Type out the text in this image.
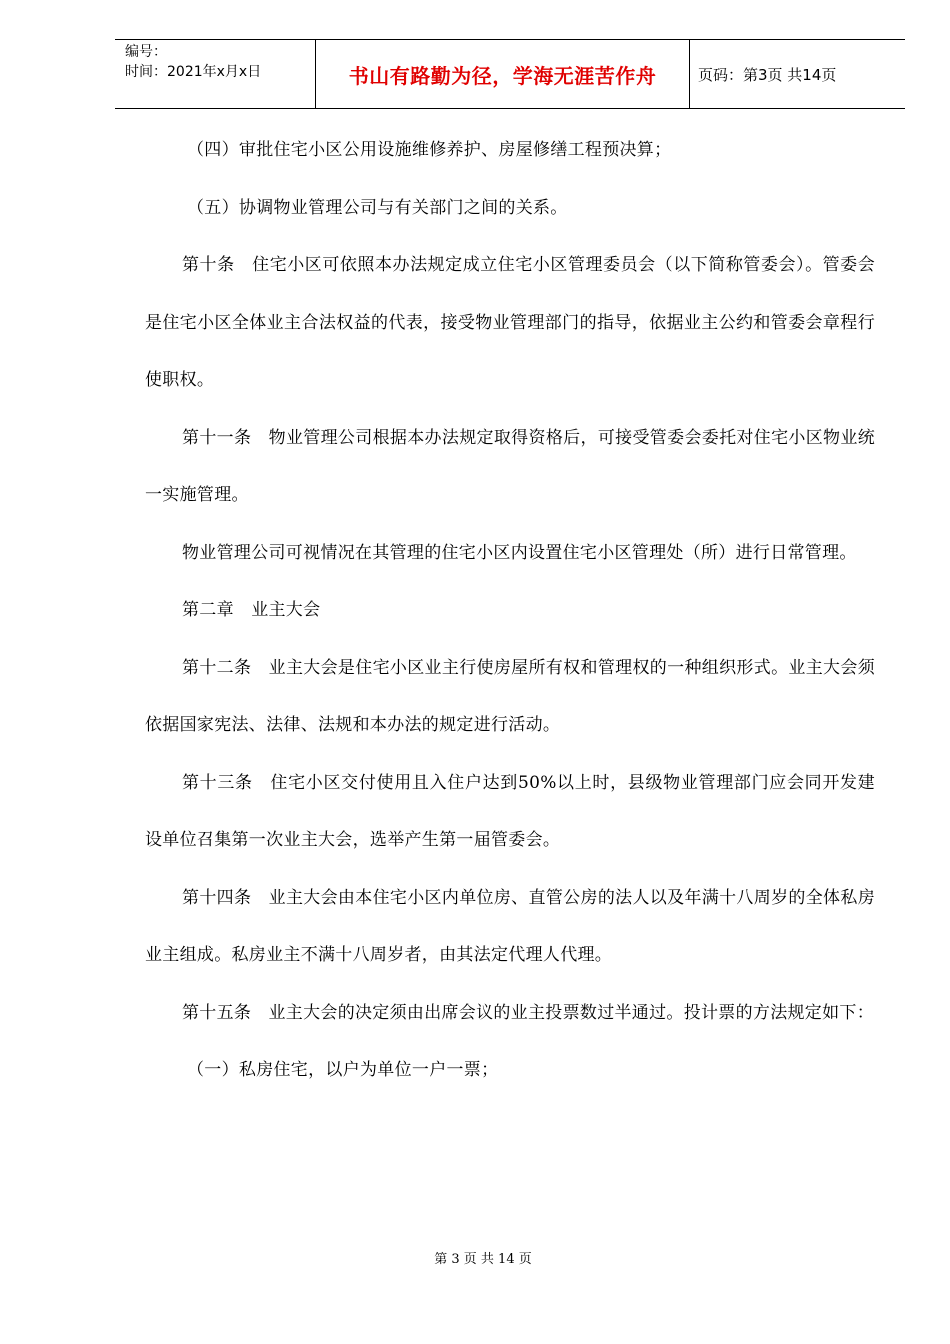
编号：
时间：2021年x月x日	书山有路勤为径，学海无涯苦作舟	页码：第3页 共14页

（四）审批住宅小区公用设施维修养护、房屋修缮工程预决算；

（五）协调物业管理公司与有关部门之间的关系。

第十条　住宅小区可依照本办法规定成立住宅小区管理委员会（以下简称管委会）。管委会是住宅小区全体业主合法权益的代表，接受物业管理部门的指导，依据业主公约和管委会章程行使职权。

第十一条　物业管理公司根据本办法规定取得资格后，可接受管委会委托对住宅小区物业统一实施管理。

物业管理公司可视情况在其管理的住宅小区内设置住宅小区管理处（所）进行日常管理。

第二章　业主大会

第十二条　业主大会是住宅小区业主行使房屋所有权和管理权的一种组织形式。业主大会须依据国家宪法、法律、法规和本办法的规定进行活动。

第十三条　住宅小区交付使用且入住户达到50%以上时，县级物业管理部门应会同开发建设单位召集第一次业主大会，选举产生第一届管委会。

第十四条　业主大会由本住宅小区内单位房、直管公房的法人以及年满十八周岁的全体私房业主组成。私房业主不满十八周岁者，由其法定代理人代理。

第十五条　业主大会的决定须由出席会议的业主投票数过半通过。投计票的方法规定如下：

（一）私房住宅，以户为单位一户一票；

第 3 页 共 14 页
